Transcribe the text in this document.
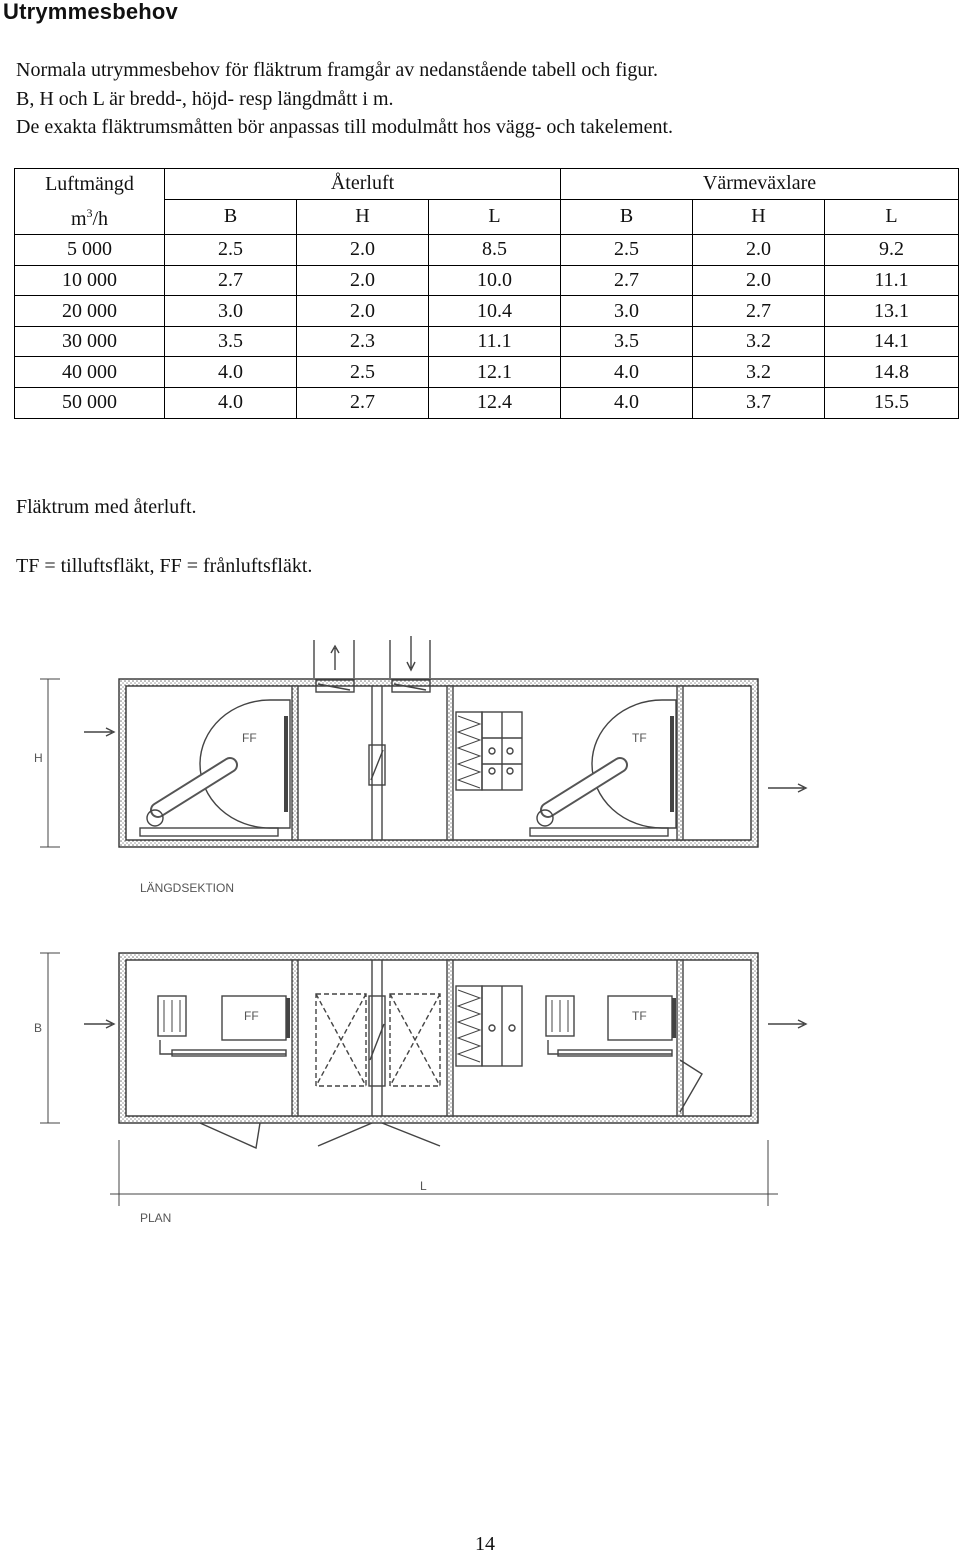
Utrymmesbehov
Normala utrymmesbehov för fläktrum framgår av nedanstående tabell och figur.
B, H och L är bredd-, höjd- resp längdmått i m.
De exakta fläktrumsmåtten bör anpassas till modulmått hos vägg- och takelement.
Luftmängd	Återluft			Värmeväxlare		
$m^3/h$	B	H	L	B	H	L
5 000	2.5	2.0	8.5	2.5	2.0	9.2
10 000	2.7	2.0	10.0	2.7	2.0	11.1
20 000	3.0	2.0	10.4	3.0	2.7	13.1
30 000	3.5	2.3	11.1	3.5	3.2	14.1
40 000	4.0	2.5	12.1	4.0	3.2	14.8
50 000	4.0	2.7	12.4	4.0	3.7	15.5

Fläktrum med återluft.

TF = tilluftsfläkt, FF = frånluftsfläkt.

FF	TF
H
LÄNGDSEKTION
FF	TF
B
L
PLAN
14
